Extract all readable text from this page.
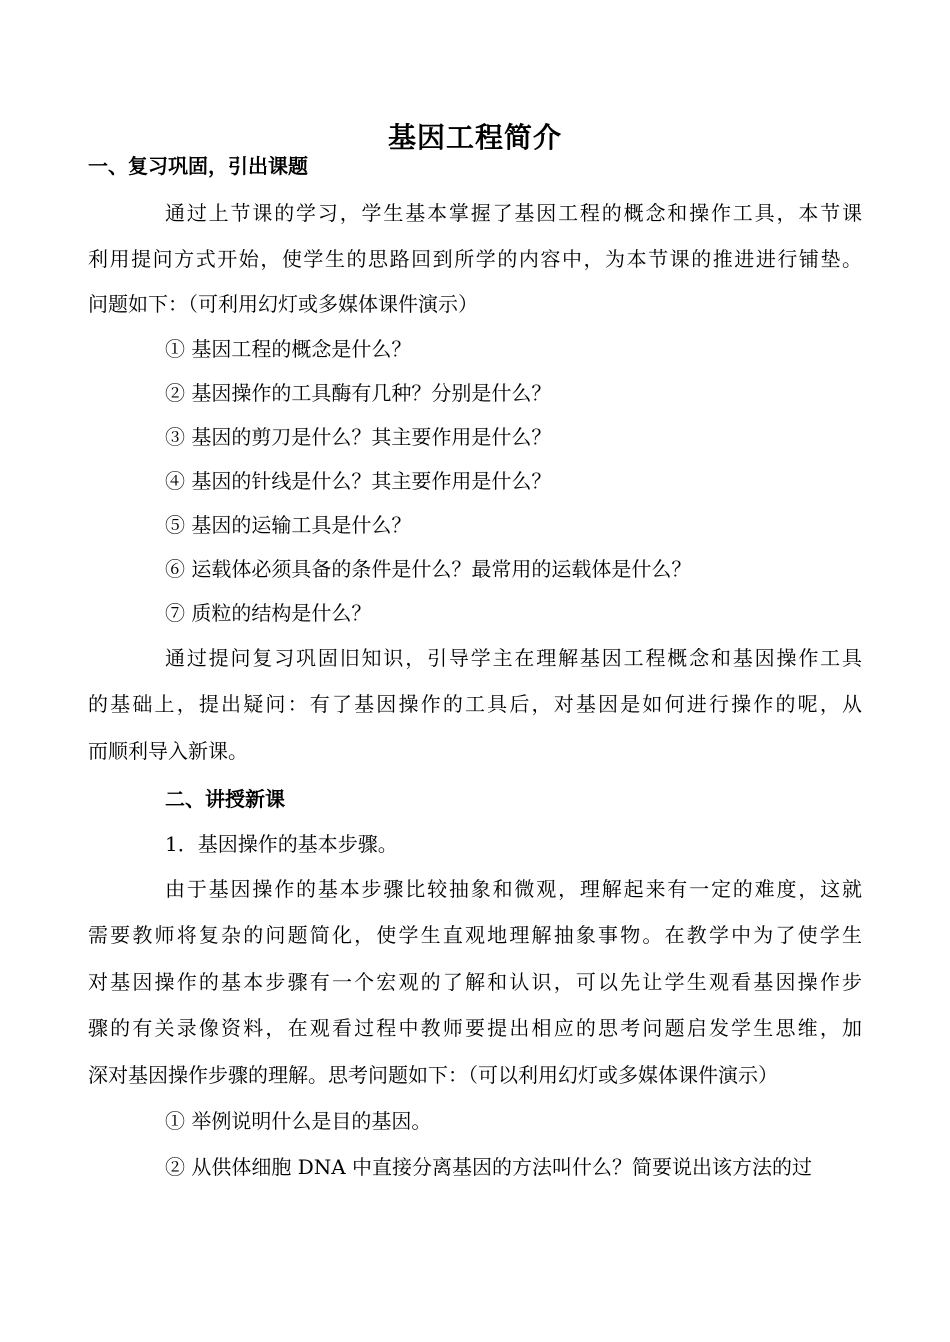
基因工程简介
一、复习巩固，引出课题
通过上节课的学习，学生基本掌握了基因工程的概念和操作工具，本节课
利用提问方式开始，使学生的思路回到所学的内容中，为本节课的推进进行铺垫。
问题如下：（可利用幻灯或多媒体课件演示）
① 基因工程的概念是什么？
② 基因操作的工具酶有几种？分别是什么？
③ 基因的剪刀是什么？其主要作用是什么？
④ 基因的针线是什么？其主要作用是什么？
⑤ 基因的运输工具是什么？
⑥ 运载体必须具备的条件是什么？最常用的运载体是什么？
⑦ 质粒的结构是什么？
通过提问复习巩固旧知识，引导学主在理解基因工程概念和基因操作工具
的基础上，提出疑问：有了基因操作的工具后，对基因是如何进行操作的呢，从
而顺利导入新课。
二、讲授新课
1．基因操作的基本步骤。
由于基因操作的基本步骤比较抽象和微观，理解起来有一定的难度，这就
需要教师将复杂的问题简化，使学生直观地理解抽象事物。在教学中为了使学生
对基因操作的基本步骤有一个宏观的了解和认识，可以先让学生观看基因操作步
骤的有关录像资料，在观看过程中教师要提出相应的思考问题启发学生思维，加
深对基因操作步骤的理解。思考问题如下：（可以利用幻灯或多媒体课件演示）
① 举例说明什么是目的基因。
② 从供体细胞 DNA 中直接分离基因的方法叫什么？简要说出该方法的过
